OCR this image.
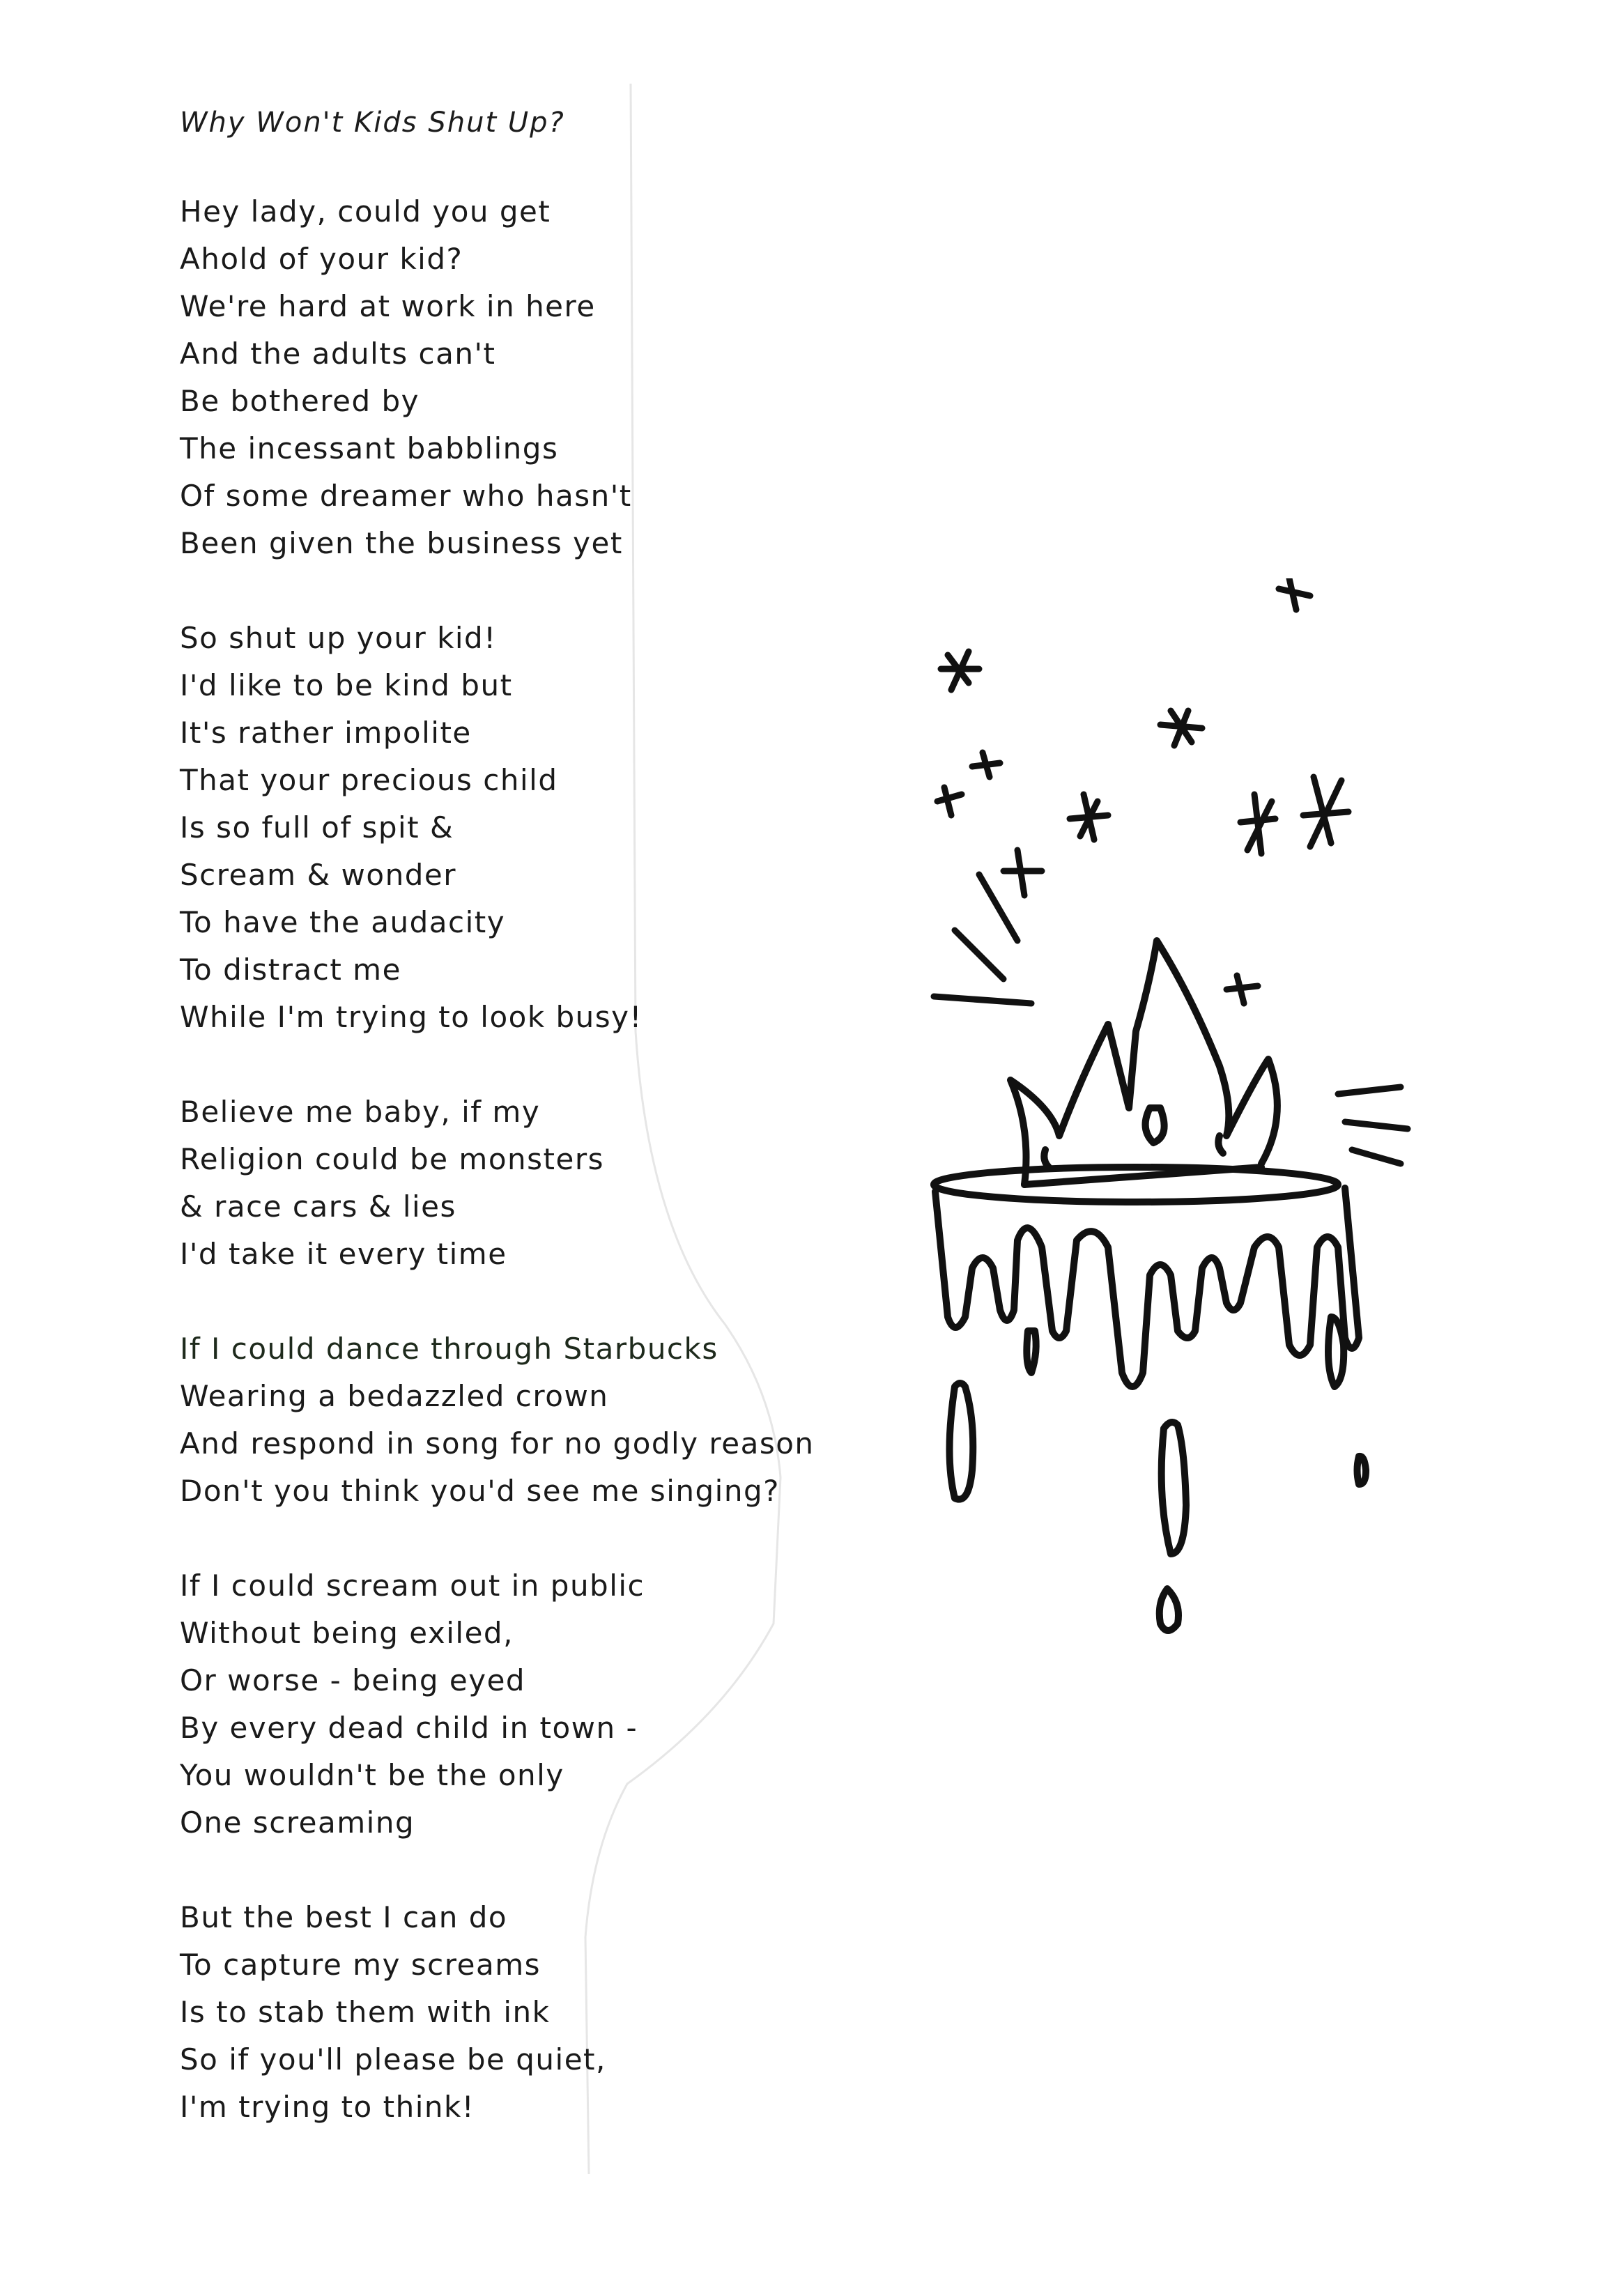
Why Won't Kids Shut Up?
Hey lady, could you get
Ahold of your kid?
We're hard at work in here
And the adults can't
Be bothered by
The incessant babblings
Of some dreamer who hasn't
Been given the business yet
So shut up your kid!
I'd like to be kind but
It's rather impolite
That your precious child
Is so full of spit &
Scream & wonder
To have the audacity
To distract me
While I'm trying to look busy!
Believe me baby, if my
Religion could be monsters
& race cars & lies
I'd take it every time
If I could dance through Starbucks
Wearing a bedazzled crown
And respond in song for no godly reason
Don't you think you'd see me singing?
If I could scream out in public
Without being exiled,
Or worse - being eyed
By every dead child in town -
You wouldn't be the only
One screaming
But the best I can do
To capture my screams
Is to stab them with ink
So if you'll please be quiet,
I'm trying to think!
